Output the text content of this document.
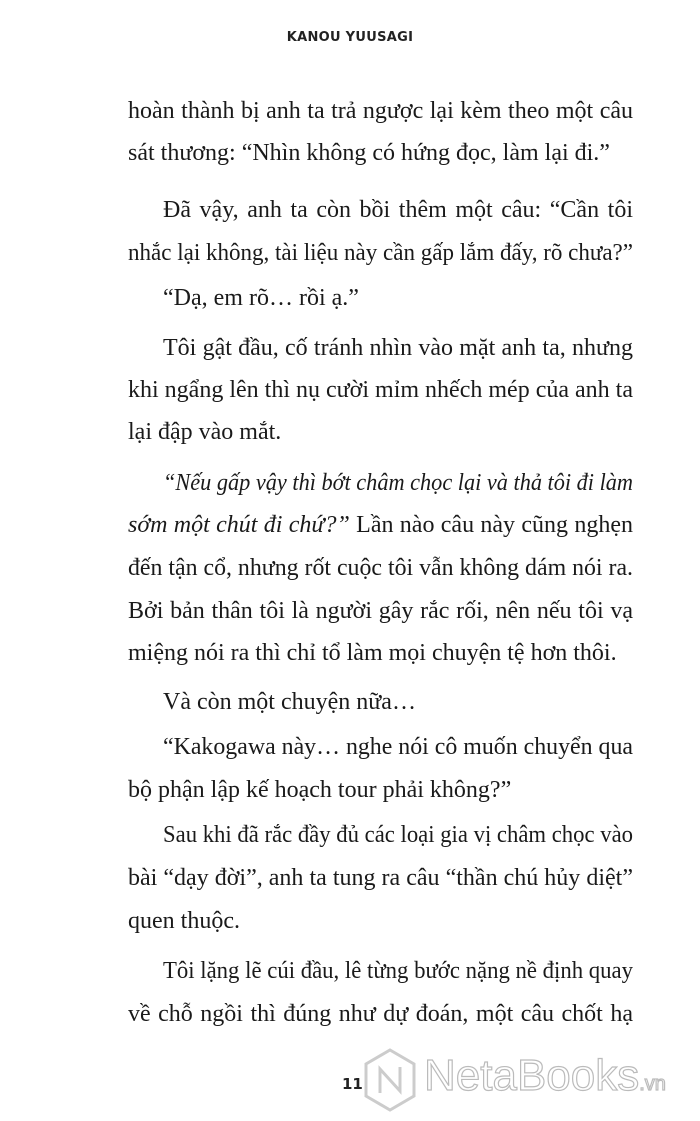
KANOU YUUSAGI
hoàn thành bị anh ta trả ngược lại kèm theo một câu
sát thương: “Nhìn không có hứng đọc, làm lại đi.”
Đã vậy, anh ta còn bồi thêm một câu: “Cần tôi
nhắc lại không, tài liệu này cần gấp lắm đấy, rõ chưa?”
“Dạ, em rõ… rồi ạ.”
Tôi gật đầu, cố tránh nhìn vào mặt anh ta, nhưng
khi ngẩng lên thì nụ cười mỉm nhếch mép của anh ta
lại đập vào mắt.
“Nếu gấp vậy thì bớt châm chọc lại và thả tôi đi làm
sớm một chút đi chứ?” Lần nào câu này cũng nghẹn
đến tận cổ, nhưng rốt cuộc tôi vẫn không dám nói ra.
Bởi bản thân tôi là người gây rắc rối, nên nếu tôi vạ
miệng nói ra thì chỉ tổ làm mọi chuyện tệ hơn thôi.
Và còn một chuyện nữa…
“Kakogawa này… nghe nói cô muốn chuyển qua
bộ phận lập kế hoạch tour phải không?”
Sau khi đã rắc đầy đủ các loại gia vị châm chọc vào
bài “dạy đời”, anh ta tung ra câu “thần chú hủy diệt”
quen thuộc.
Tôi lặng lẽ cúi đầu, lê từng bước nặng nề định quay
về chỗ ngồi thì đúng như dự đoán, một câu chốt hạ
11 NetaBooks.vn
